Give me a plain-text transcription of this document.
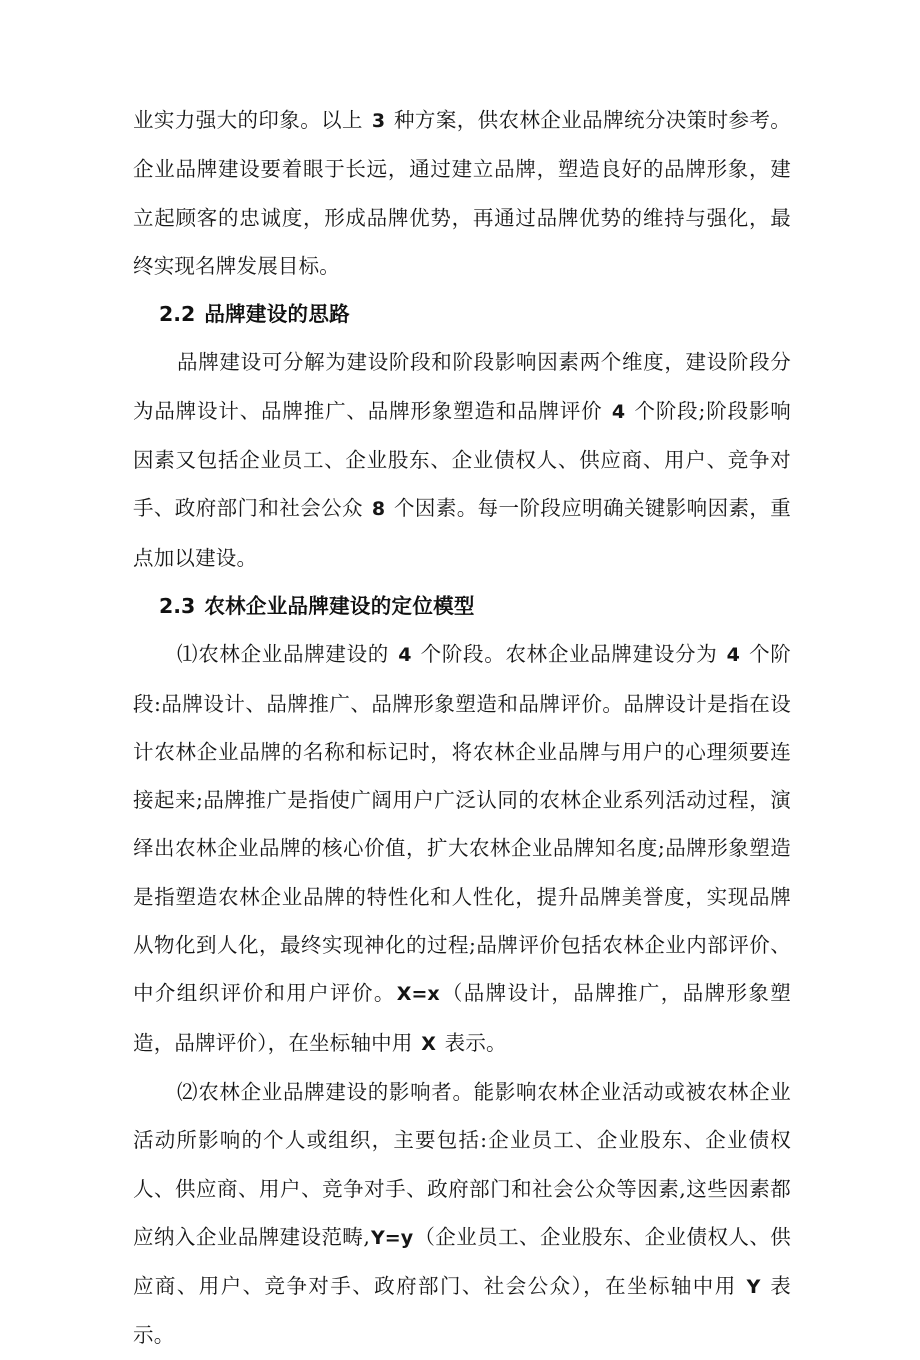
业实力强大的印象。以上 3 种方案，供农林企业品牌统分决策时参考。企业品牌建设要着眼于长远，通过建立品牌，塑造良好的品牌形象，建立起顾客的忠诚度，形成品牌优势，再通过品牌优势的维持与强化，最终实现名牌发展目标。

2.2 品牌建设的思路

品牌建设可分解为建设阶段和阶段影响因素两个维度，建设阶段分为品牌设计、品牌推广、品牌形象塑造和品牌评价 4 个阶段;阶段影响因素又包括企业员工、企业股东、企业债权人、供应商、用户、竞争对手、政府部门和社会公众 8 个因素。每一阶段应明确关键影响因素，重点加以建设。

2.3 农林企业品牌建设的定位模型

⑴农林企业品牌建设的 4 个阶段。农林企业品牌建设分为 4 个阶段:品牌设计、品牌推广、品牌形象塑造和品牌评价。品牌设计是指在设计农林企业品牌的名称和标记时，将农林企业品牌与用户的心理须要连接起来;品牌推广是指使广阔用户广泛认同的农林企业系列活动过程，演绎出农林企业品牌的核心价值，扩大农林企业品牌知名度;品牌形象塑造是指塑造农林企业品牌的特性化和人性化，提升品牌美誉度，实现品牌从物化到人化，最终实现神化的过程;品牌评价包括农林企业内部评价、中介组织评价和用户评价。X=x（品牌设计，品牌推广，品牌形象塑造，品牌评价），在坐标轴中用 X 表示。

⑵农林企业品牌建设的影响者。能影响农林企业活动或被农林企业活动所影响的个人或组织，主要包括:企业员工、企业股东、企业债权人、供应商、用户、竞争对手、政府部门和社会公众等因素,这些因素都应纳入企业品牌建设范畴,Y=y（企业员工、企业股东、企业债权人、供应商、用户、竞争对手、政府部门、社会公众），在坐标轴中用 Y 表示。
